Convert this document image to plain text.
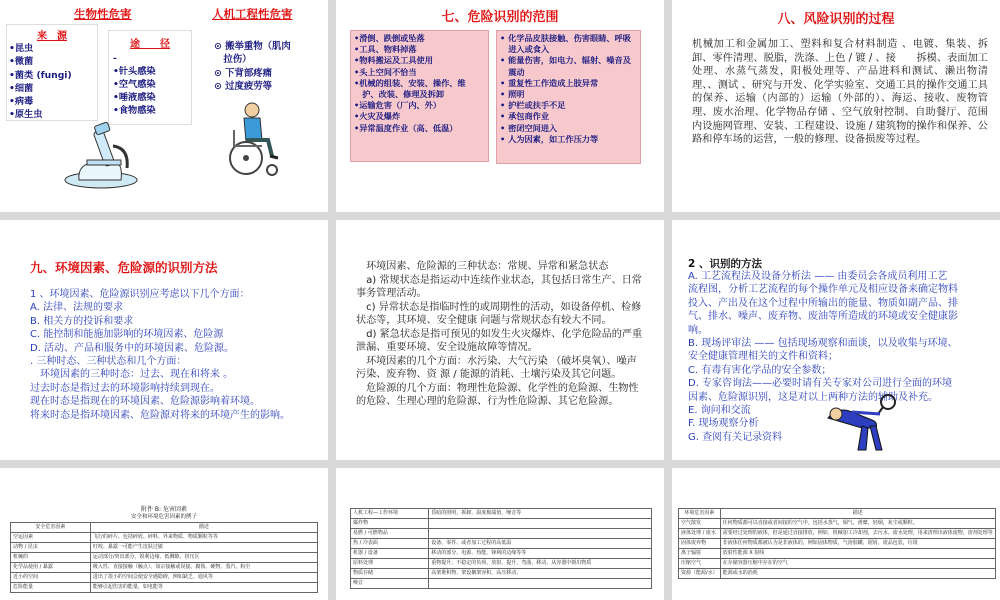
生物性危害	人机工程性危害
来　源
•昆虫
•微菌
•菌类 (fungi)
•细菌
•病毒
•原生虫
途　　径
-
•针头感染
•空气感染
•唾液感染
•食物感染
⊙ 搬举重物（肌肉
　拉伤）
⊙ 下背部疼痛
⊙ 过度疲劳等
七、危险识别的范围
•滑倒、跌倒或坠落
•工具、物料掉落
•物料搬运及工具使用
•头上空间不恰当
•机械的组装、安装、操作、维
　护、改装、修理及拆卸
•运输危害（厂内、外）
•火灾及爆炸
•异常温度作业（高、低温）
• 化学品皮肤接触、伤害眼睛、呼吸
　进入或食入
• 能量伤害，如电力、辐射、噪音及
　震动
• 重复性工作造成上肢异常
• 照明
• 护栏或扶手不足
• 承包商作业
• 密闭空间进入
• 人为因素，如工作压力等
八、风险识别的过程
机械加工和金属加工、塑料和复合材料制造 、电镀、集装、拆卸、零件清理、脱脂，洗涤、上色 / 镀 / 、接　　拆模、表面加工处理、水蒸气蒸发，阳极处理等、产品进料和测试、濑出物清理、、测试 、研究与开发、化学实验室、交通工具的操作交通工具的保养、运输（内部的）运输（外部的）、海运、接收、废物管理、废水治理、化学物品存储 、空气放射控制、自助餐厅、范围内设施网管理、安装、工程建设、设施 / 建筑物的操作和保养、公路和停车场的运营，一般的修理、设备损废等过程。
九、环境因素、危险源的识别方法
1 、环境因素、危险源识别应考虑以下几个方面：
A. 法律、法规的要求
B. 相关方的投诉和要求
C. 能控制和能施加影响的环境因素、危险源
D. 活动、产品和服务中的环境因素、危险源。
. 三种时态、三种状态和几个方面：
　环境因素的三种时态：过去、现在和将来 。
过去时态是指过去的环境影响持续到现在。
现在时态是指现在的环境因素、危险源影响着环境。
将来时态是指环境因素、危险源对将来的环境产生的影响。
　环境因素、危险源的三种状态：常规、异常和紧急状态
　a) 常规状态是指运动中连续作业状态，其包括日常生产、日常事务管理活动。
　c) 异常状态是指临时性的或周期性的活动，如设备停机、检修状态等，其环境、安全健康 问题与常规状态有较大不同。
　d) 紧急状态是指可预见的如发生火灾爆炸、化学危险品的严重泄漏、重要环境、安全设施故障等情况。
　环境因素的几个方面：水污染、大气污染 （破坏臭氧）、噪声污染、废弃物、资 源 / 能源的消耗、土壤污染及其它问题。
　危险源的几个方面：物理性危险源、化学性的危险源、生物性的危险、生理心理的危险源、行为性危险源、其它危险源。
2 、识别的方法
A. 工艺流程法及设备分析法 —— 由委员会各成员利用工艺
流程图，分析工艺流程的每个操作单元及相应设备来确定物料
投入、产出及在这个过程中所输出的能量、物质如副产品、排
气、排水、噪声、废弃物、废油等所造成的环境或安全健康影
响。
B. 现场评审法 —— 包括现场观察和面谈，以及收集与环境、
安全健康管理相关的文件和资料；
C. 有毒有害化学品的安全参数；
D. 专家咨询法——必要时请有关专家对公司进行全面的环境
因素、危险源识别，这是对以上两种方法的辅助及补充。
E. 询问和交流
F. 现场观察分析
G. 查阅有关记录资料
附件 B: 危害因素
安全和环境危害因素的例子
安全危害因素	描述
空运因素	飞行的碎片、包括碎屑、碎料、外来物质、物质颗粒等等
动物 / 昆虫	叮咬、暴露一可能产生皮肤过敏
机械的	运动部分/突出部分、锐利边缘、低侧隙、挤压区
化学品使用 / 暴露	吸入性、直接接触（触点）、如宗接触或误接、腐蚀、硬物、蒸汽、粉尘
近小的空间	进出了很小的空间会使安全遇隐碍，例如缺乏、通风等
危险能量	能够引起伤害的能量，如电能等
人机工程—工作环境	昏暗的照明，拆卸，温度极端值，噪音等
爆炸物	
易燃 / 可燃物品	
热 / 冷表面	设备、零件、或者加工过程的高低温
机器 / 设备	移动的部分、电源、热能、锋利的边缘等等
原料处理	重物提升，不稳定的负荷，放射，提升，弯曲，移动，从容器中倒出物质
物质存储	高架堆积物，架设搁架容积，高压移动。
噪音	
环境危害因素	描述
空气散发	任何物质都可以直接或者间接的空气中，包括水蒸气，烟气，滑糜，轻烟，灰尘或颗粒。
液体处理 / 废水	需要经过处理的液体，但是通过直接排放，例如，机械加工冷却剂，去污水，废水处理，用来清理出液体废物，溶剂处理等
固体废弃物	非液体任何物质都被认为是非液体的，例如固体物质，气溶胶罐，锯屑，废品包装，垃圾
离子辐射	放射性能源 X 射线
压缩空气	在存储容器压缩中存在的空气
资源（能源/水）	能源或水的消耗
